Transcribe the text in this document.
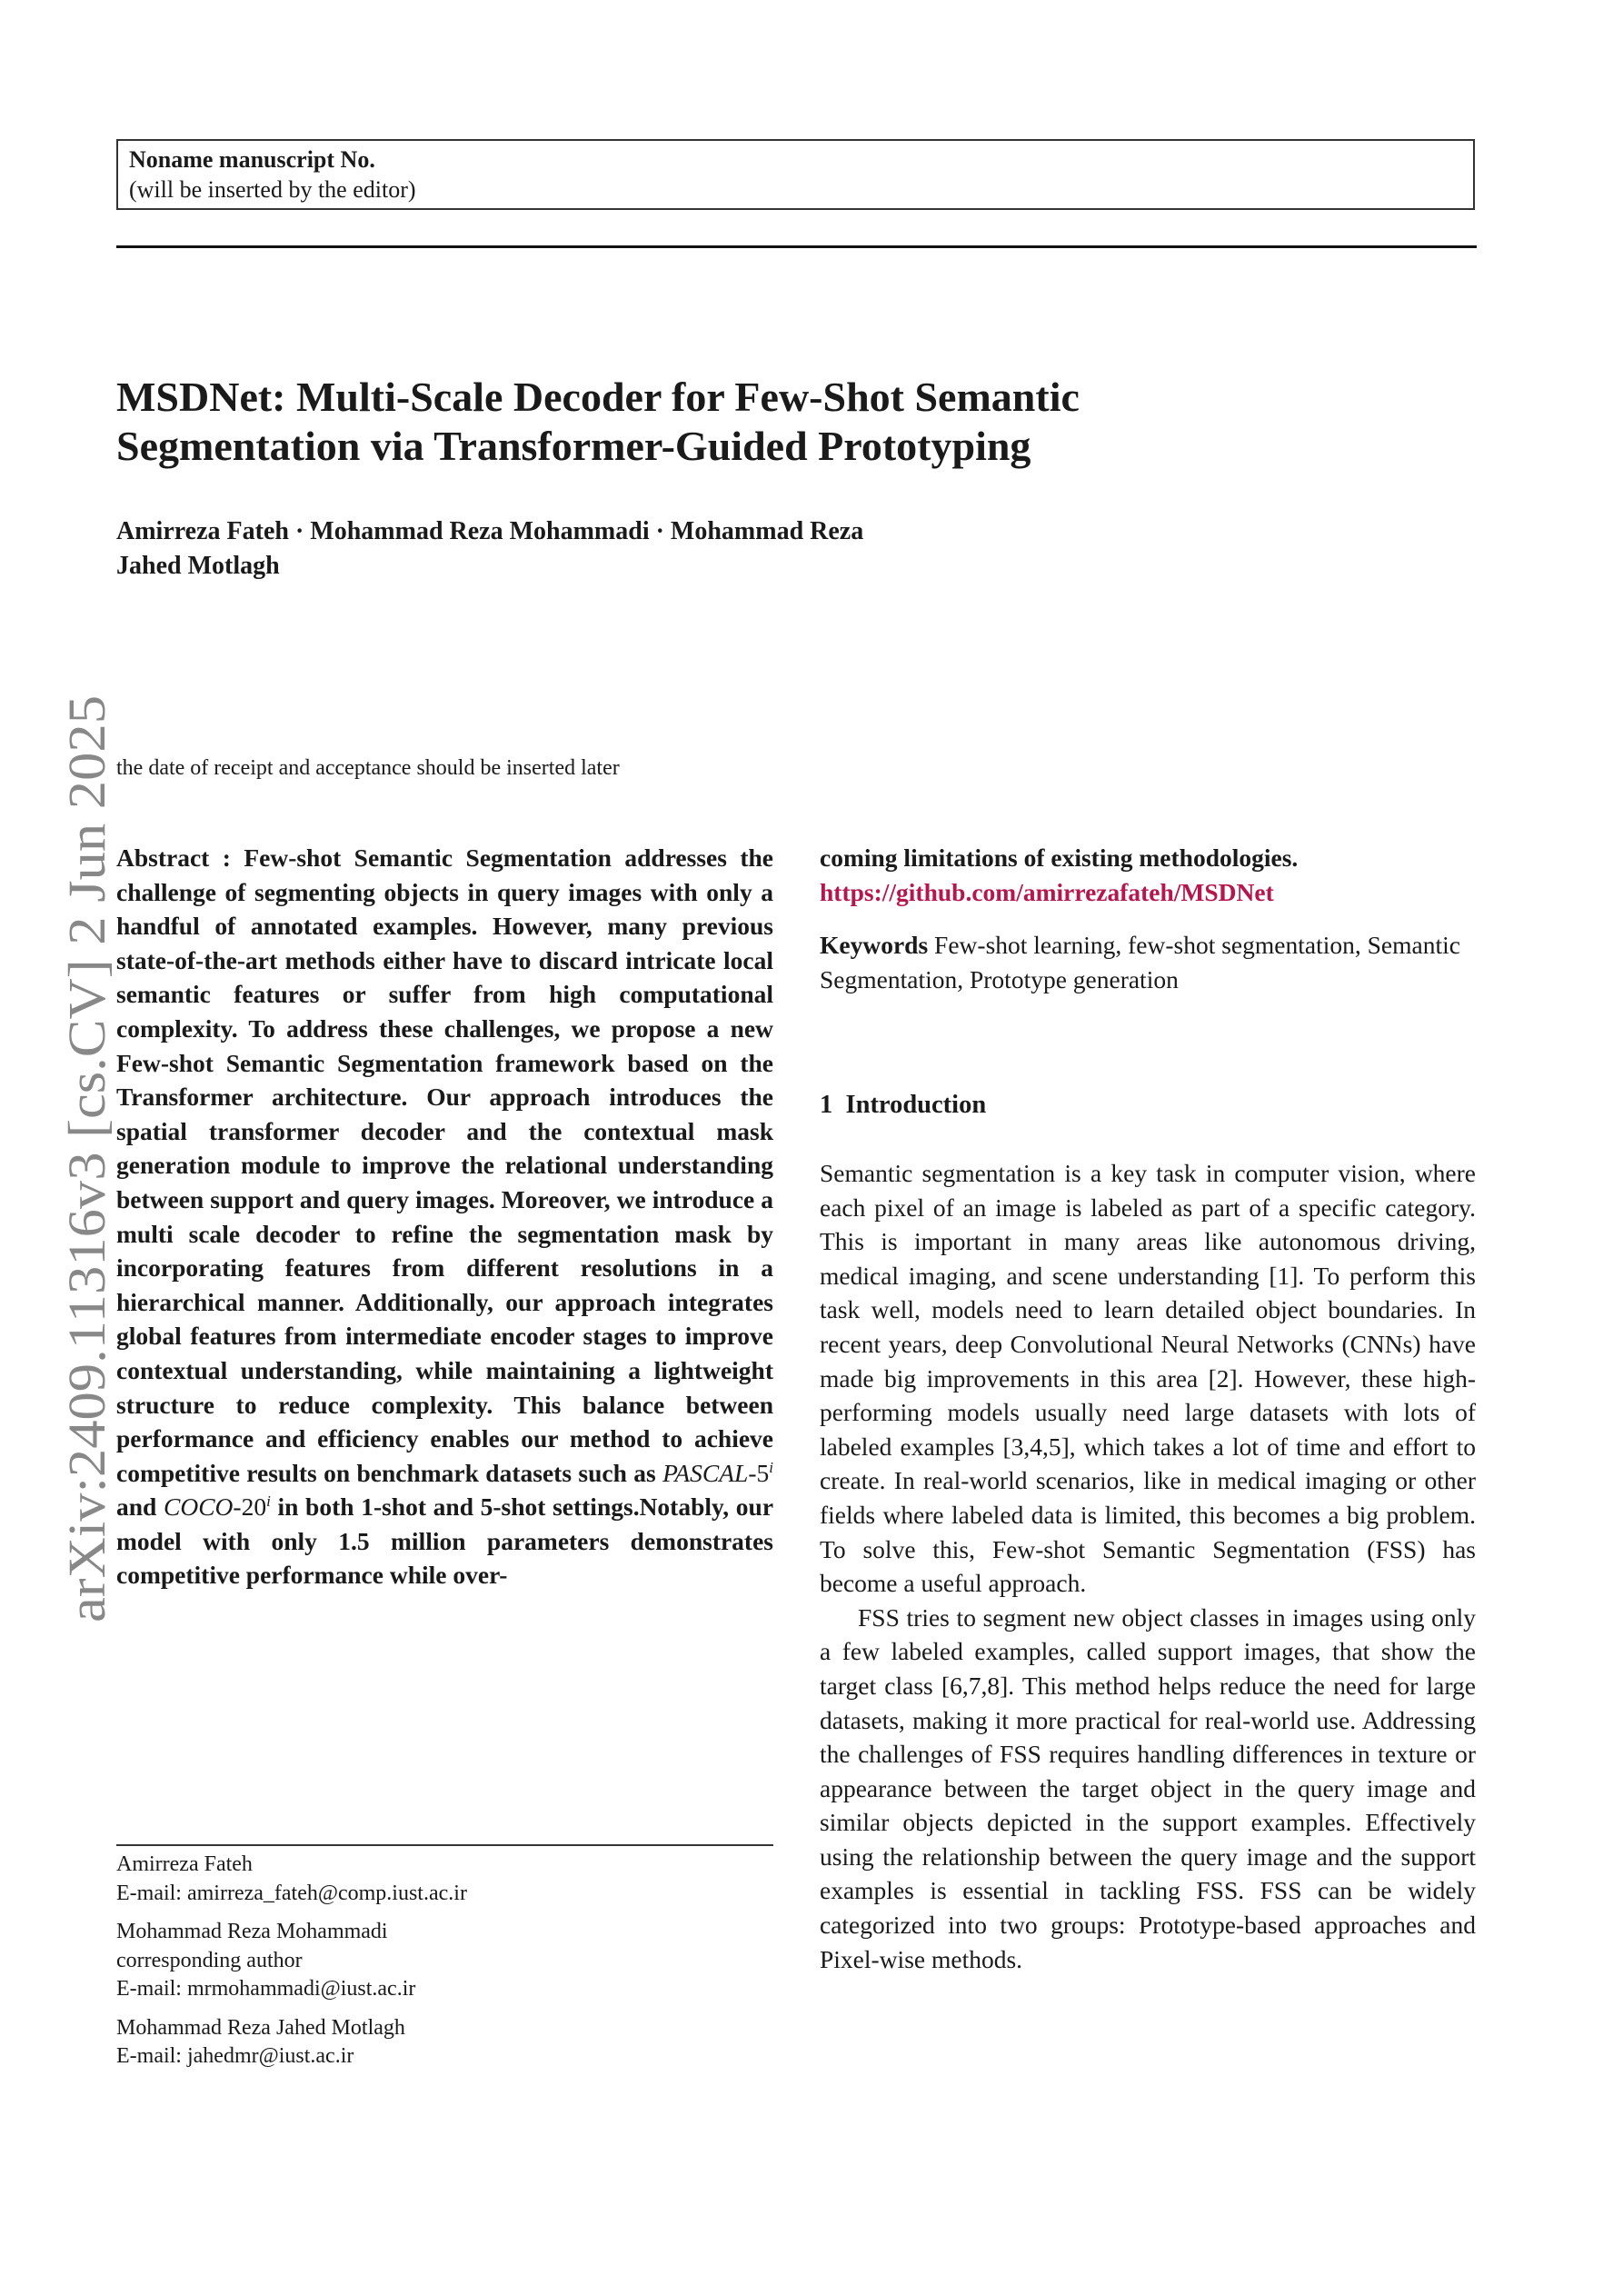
Noname manuscript No.
(will be inserted by the editor)
MSDNet: Multi-Scale Decoder for Few-Shot Semantic
Segmentation via Transformer-Guided Prototyping
Amirreza Fateh · Mohammad Reza Mohammadi · Mohammad Reza
Jahed Motlagh
arXiv:2409.11316v3 [cs.CV] 2 Jun 2025 the date of receipt and acceptance should be inserted later
Abstract : Few-shot Semantic Segmentation addresses the challenge of segmenting objects in query images with only a handful of annotated examples. However, many previous state-of-the-art methods either have to discard intricate local semantic features or suffer from high computational complexity. To address these challenges, we propose a new Few-shot Semantic Segmentation framework based on the Transformer architecture. Our approach introduces the spatial transformer decoder and the contextual mask generation module to improve the relational understanding between support and query images. Moreover, we introduce a multi scale decoder to refine the segmentation mask by incorporating features from different resolutions in a hierarchical manner. Additionally, our approach integrates global features from intermediate encoder stages to improve contextual understanding, while maintaining a lightweight structure to reduce complexity. This balance between performance and efficiency enables our method to achieve competitive results on benchmark datasets such as PASCAL-5$^i$ and COCO-20$^i$ in both 1-shot and 5-shot settings.Notably, our model with only 1.5 million parameters demonstrates competitive performance while over-
coming limitations of existing methodologies.
https://github.com/amirrezafateh/MSDNet
Keywords Few-shot learning, few-shot segmentation, Semantic Segmentation, Prototype generation
1 Introduction

Semantic segmentation is a key task in computer vision, where each pixel of an image is labeled as part of a specific category. This is important in many areas like autonomous driving, medical imaging, and scene understanding [1]. To perform this task well, models need to learn detailed object boundaries. In recent years, deep Convolutional Neural Networks (CNNs) have made big improvements in this area [2]. However, these high-performing models usually need large datasets with lots of labeled examples [3,4,5], which takes a lot of time and effort to create. In real-world scenarios, like in medical imaging or other fields where labeled data is limited, this becomes a big problem. To solve this, Few-shot Semantic Segmentation (FSS) has become a useful approach.

FSS tries to segment new object classes in images using only a few labeled examples, called support images, that show the target class [6,7,8]. This method helps reduce the need for large datasets, making it more practical for real-world use. Addressing the challenges of FSS requires handling differences in texture or appearance between the target object in the query image and similar objects depicted in the support examples. Effectively using the relationship between the query image and the support examples is essential in tackling FSS. FSS can be widely categorized into two groups: Prototype-based approaches and Pixel-wise methods.

Amirreza Fateh
E-mail: amirreza_fateh@comp.iust.ac.ir
Mohammad Reza Mohammadi
corresponding author
E-mail: mrmohammadi@iust.ac.ir
Mohammad Reza Jahed Motlagh
E-mail: jahedmr@iust.ac.ir
